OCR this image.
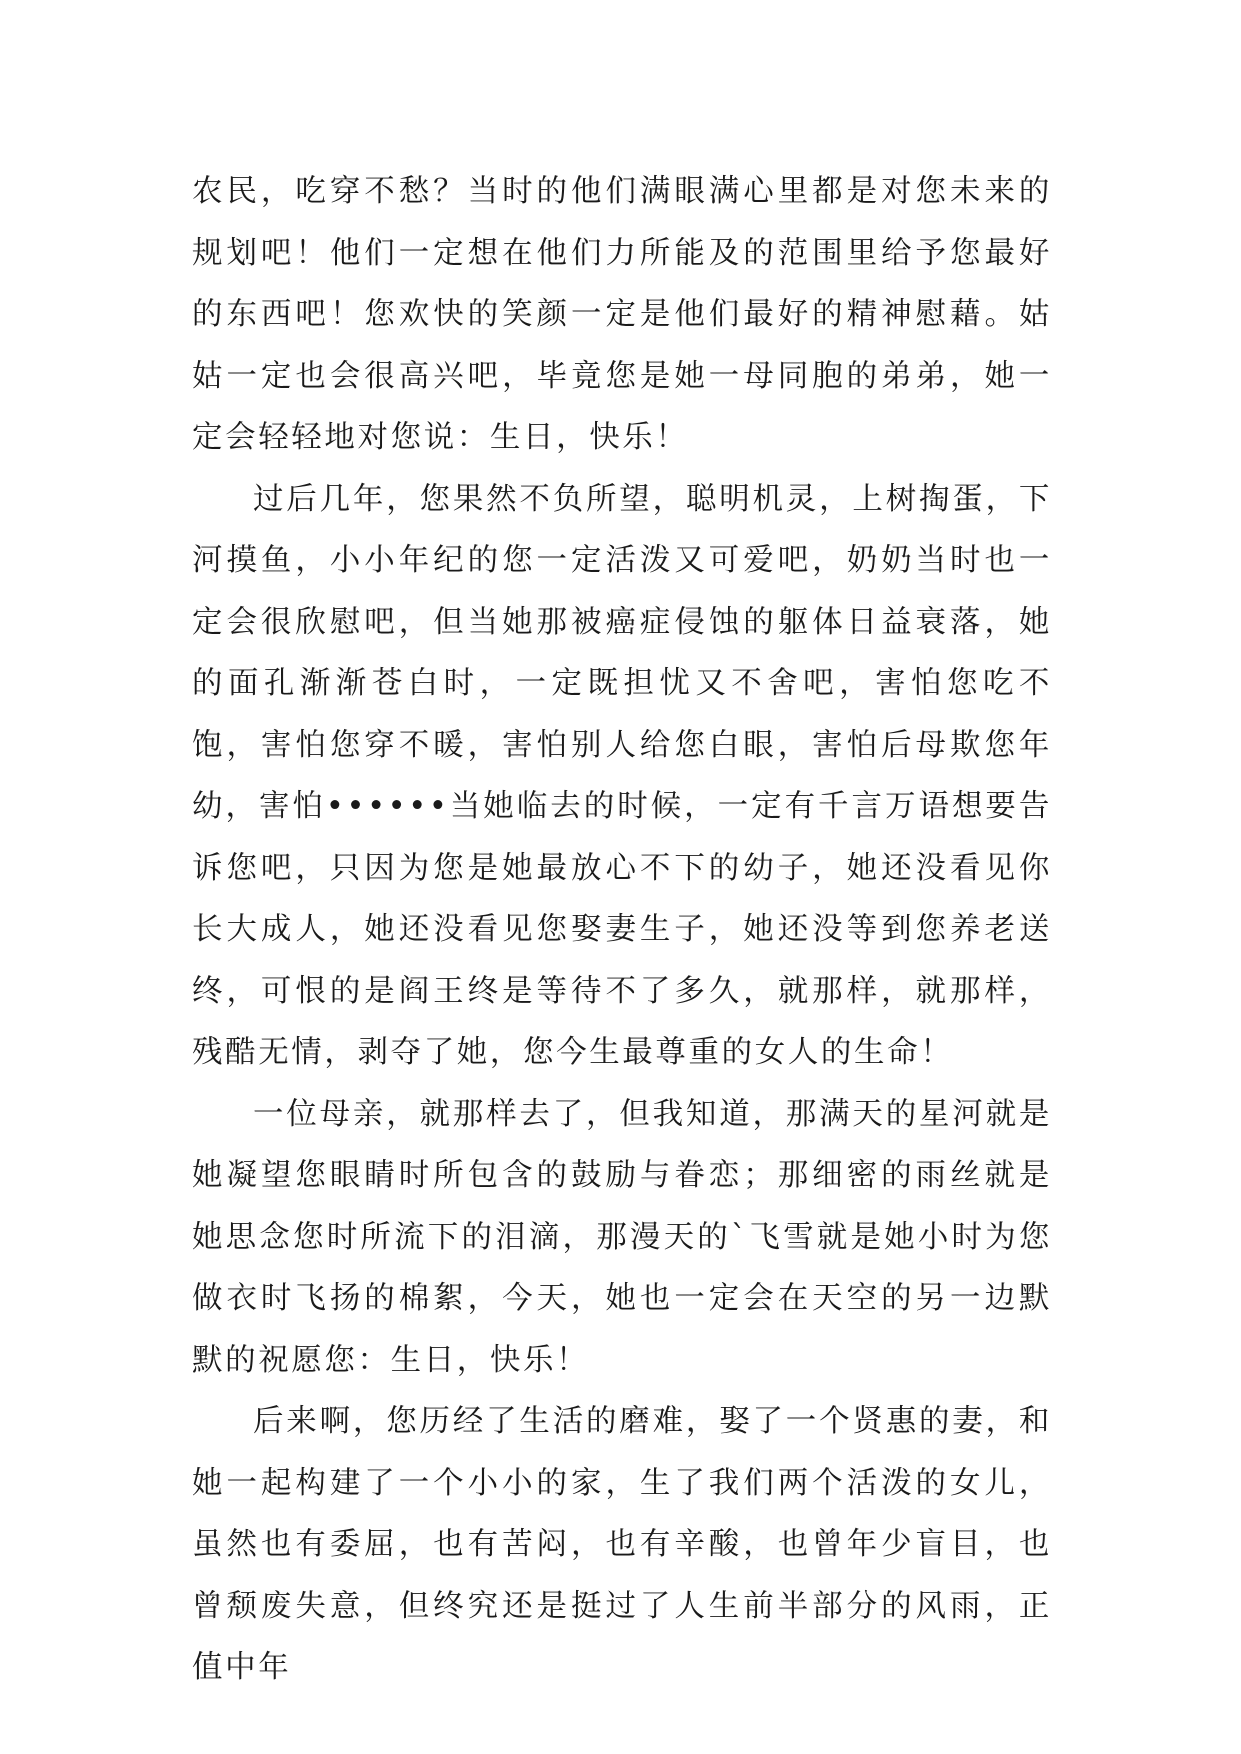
农民，吃穿不愁？当时的他们满眼满心里都是对您未来的规划吧！他们一定想在他们力所能及的范围里给予您最好的东西吧！您欢快的笑颜一定是他们最好的精神慰藉。姑姑一定也会很高兴吧，毕竟您是她一母同胞的弟弟，她一定会轻轻地对您说：生日，快乐！

过后几年，您果然不负所望，聪明机灵，上树掏蛋，下河摸鱼，小小年纪的您一定活泼又可爱吧，奶奶当时也一定会很欣慰吧，但当她那被癌症侵蚀的躯体日益衰落，她的面孔渐渐苍白时，一定既担忧又不舍吧，害怕您吃不饱，害怕您穿不暖，害怕别人给您白眼，害怕后母欺您年幼，害怕••••••当她临去的时候，一定有千言万语想要告诉您吧，只因为您是她最放心不下的幼子，她还没看见你长大成人，她还没看见您娶妻生子，她还没等到您养老送终，可恨的是阎王终是等待不了多久，就那样，就那样，残酷无情，剥夺了她，您今生最尊重的女人的生命！

一位母亲，就那样去了，但我知道，那满天的星河就是她凝望您眼睛时所包含的鼓励与眷恋；那细密的雨丝就是她思念您时所流下的泪滴，那漫天的`飞雪就是她小时为您做衣时飞扬的棉絮，今天，她也一定会在天空的另一边默默的祝愿您：生日，快乐！

后来啊，您历经了生活的磨难，娶了一个贤惠的妻，和她一起构建了一个小小的家，生了我们两个活泼的女儿，虽然也有委屈，也有苦闷，也有辛酸，也曾年少盲目，也曾颓废失意，但终究还是挺过了人生前半部分的风雨，正值中年
